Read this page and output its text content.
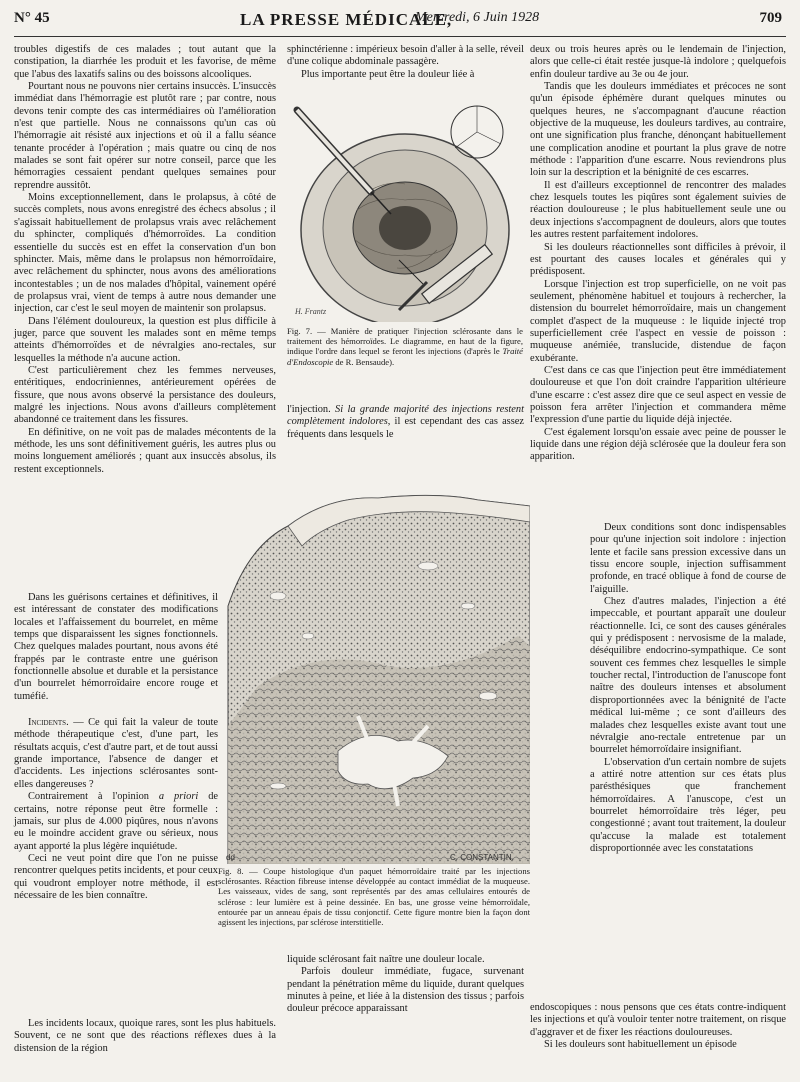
N° 45	LA PRESSE MÉDICALE,
Mercredi, 6 Juin 1928	709

troubles digestifs de ces malades ; tout autant que la constipation, la diarrhée les produit et les favorise, de même que l'abus des laxatifs salins ou des boissons alcooliques.

Pourtant nous ne pouvons nier certains insuccès. L'insuccès immédiat dans l'hémorragie est plutôt rare ; par contre, nous devons tenir compte des cas intermédiaires où l'amélioration n'est que partielle. Nous ne connaissons qu'un cas où l'hémorragie ait résisté aux injections et où il a fallu séance tenante procéder à l'opération ; mais quatre ou cinq de nos malades se sont fait opérer sur notre conseil, parce que les hémorragies cessaient pendant quelques semaines pour reprendre aussitôt.

Moins exceptionnellement, dans le prolapsus, à côté de succès complets, nous avons enregistré des échecs absolus ; il s'agissait habituellement de prolapsus vrais avec relâchement du sphincter, compliqués d'hémorroïdes. La condition essentielle du succès est en effet la conservation d'un bon sphincter. Mais, même dans le prolapsus non hémorroïdaire, avec relâchement du sphincter, nous avons des améliorations incontestables ; un de nos malades d'hôpital, vainement opéré de prolapsus vrai, vient de temps à autre nous demander une injection, car c'est le seul moyen de maintenir son prolapsus.

Dans l'élément douloureux, la question est plus difficile à juger, parce que souvent les malades sont en même temps atteints d'hémorroïdes et de névralgies ano-rectales, sur lesquelles la méthode n'a aucune action.

C'est particulièrement chez les femmes nerveuses, entéritiques, endocriniennes, antérieurement opérées de fissure, que nous avons observé la persistance des douleurs, malgré les injections. Nous avons d'ailleurs complètement abandonné ce traitement dans les fissures.

En définitive, on ne voit pas de malades mécontents de la méthode, les uns sont définitivement guéris, les autres plus ou moins longuement améliorés ; quant aux insuccès absolus, ils restent exceptionnels.

Dans les guérisons certaines et définitives, il est intéressant de constater des modifications locales et l'affaissement du bourrelet, en même temps que disparaissent les signes fonctionnels. Chez quelques malades pourtant, nous avons été frappés par le contraste entre une guérison fonctionnelle absolue et durable et la persistance d'un bourrelet hémorroïdaire encore rouge et tuméfié.

Incidents. — Ce qui fait la valeur de toute méthode thérapeutique c'est, d'une part, les résultats acquis, c'est d'autre part, et de tout aussi grande importance, l'absence de danger et d'accidents. Les injections sclérosantes sont-elles dangereuses ?

Contrairement à l'opinion a priori de certains, notre réponse peut être formelle : jamais, sur plus de 4.000 piqûres, nous n'avons eu le moindre accident grave ou sérieux, nous ayant apporté la plus légère inquiétude.

Ceci ne veut point dire que l'on ne puisse rencontrer quelques petits incidents, et pour ceux qui voudront employer notre méthode, il est nécessaire de les bien connaître.

Les incidents locaux, quoique rares, sont les plus habituels. Souvent, ce ne sont que des réactions réflexes dues à la distension de la région

sphinctérienne : impérieux besoin d'aller à la selle, réveil d'une colique abdominale passagère.

Plus importante peut être la douleur liée à

H. Frantz
Fig. 7. — Manière de pratiquer l'injection sclérosante dans le traitement des hémorroïdes. Le diagramme, en haut de la figure, indique l'ordre dans lequel se feront les injections (d'après le Traité d'Endoscopie de R. Bensaude).

l'injection. Si la grande majorité des injections restent complètement indolores, il est cependant des cas assez fréquents dans lesquels le

dd	C. CONSTANTIN.
Fig. 8. — Coupe histologique d'un paquet hémorroïdaire traité par les injections sclérosantes. Réaction fibreuse intense développée au contact immédiat de la muqueuse. Les vaisseaux, vides de sang, sont représentés par des amas cellulaires entourés de sclérose : leur lumière est à peine dessinée. En bas, une grosse veine hémorroïdale, entourée par un anneau épais de tissu conjonctif. Cette figure montre bien la façon dont agissent les injections, par sclérose interstitielle.

liquide sclérosant fait naître une douleur locale.

Parfois douleur immédiate, fugace, survenant pendant la pénétration même du liquide, durant quelques minutes à peine, et liée à la distension des tissus ; parfois douleur précoce apparaissant

deux ou trois heures après ou le lendemain de l'injection, alors que celle-ci était restée jusque-là indolore ; quelquefois enfin douleur tardive au 3e ou 4e jour.

Tandis que les douleurs immédiates et précoces ne sont qu'un épisode éphémère durant quelques minutes ou quelques heures, ne s'accompagnant d'aucune réaction objective de la muqueuse, les douleurs tardives, au contraire, ont une signification plus franche, dénonçant habituellement une complication anodine et pourtant la plus grave de notre méthode : l'apparition d'une escarre. Nous reviendrons plus loin sur la description et la bénignité de ces escarres.

Il est d'ailleurs exceptionnel de rencontrer des malades chez lesquels toutes les piqûres sont également suivies de réaction douloureuse ; le plus habituellement seule une ou deux injections s'accompagnent de douleurs, alors que toutes les autres restent parfaitement indolores.

Si les douleurs réactionnelles sont difficiles à prévoir, il est pourtant des causes locales et générales qui y prédisposent.

Lorsque l'injection est trop superficielle, on ne voit pas seulement, phénomène habituel et toujours à rechercher, la distension du bourrelet hémorroïdaire, mais un changement complet d'aspect de la muqueuse : le liquide injecté trop superficiellement crée l'aspect en vessie de poisson : muqueuse anémiée, translucide, distendue de façon exubérante.

C'est dans ce cas que l'injection peut être immédiatement douloureuse et que l'on doit craindre l'apparition ultérieure d'une escarre : c'est assez dire que ce seul aspect en vessie de poisson fera arrêter l'injection et commandera même l'expression d'une partie du liquide déjà injectée.

C'est également lorsqu'on essaie avec peine de pousser le liquide dans une région déjà sclérosée que la douleur fera son apparition.

Deux conditions sont donc indispensables pour qu'une injection soit indolore : injection lente et facile sans pression excessive dans un tissu encore souple, injection suffisamment profonde, en tracé oblique à fond de course de l'aiguille.

Chez d'autres malades, l'injection a été impeccable, et pourtant apparaît une douleur réactionnelle. Ici, ce sont des causes générales qui y prédisposent : nervosisme de la malade, déséquilibre endocrino-sympathique. Ce sont souvent ces femmes chez lesquelles le simple toucher rectal, l'introduction de l'anuscope font naître des douleurs intenses et absolument disproportionnées avec la bénignité de l'acte médical lui-même ; ce sont d'ailleurs des malades chez lesquelles existe avant tout une névralgie ano-rectale entretenue par un bourrelet hémorroïdaire insignifiant.

L'observation d'un certain nombre de sujets a attiré notre attention sur ces états plus parésthésiques que franchement hémorroïdaires. A l'anuscope, c'est un bourrelet hémorroïdaire très léger, peu congestionné ; avant tout traitement, la douleur qu'accuse la malade est totalement disproportionnée avec les constatations

endoscopiques : nous pensons que ces états contre-indiquent les injections et qu'à vouloir tenter notre traitement, on risque d'aggraver et de fixer les réactions douloureuses.

Si les douleurs sont habituellement un épisode
